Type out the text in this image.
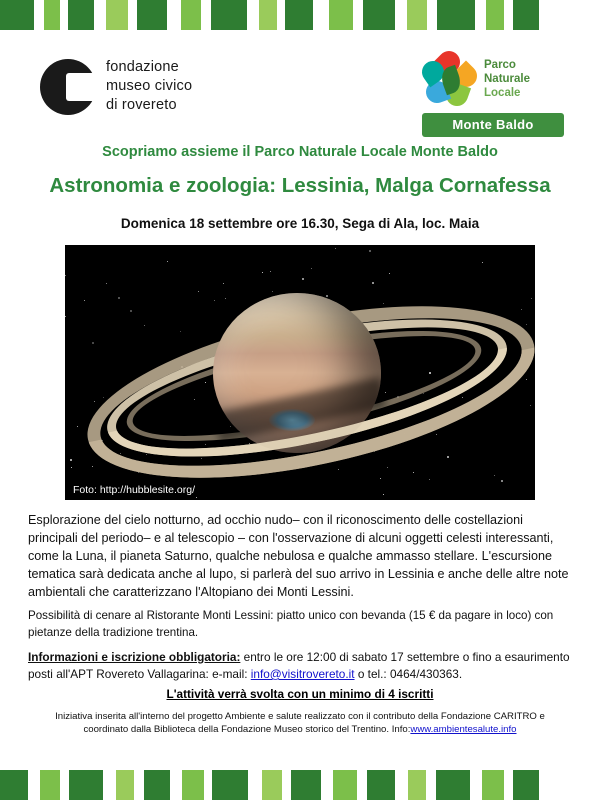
fondazione
museo civico
di rovereto
Parco
Naturale
Locale
Monte Baldo
Scopriamo assieme il Parco Naturale Locale Monte Baldo
Astronomia e zoologia: Lessinia, Malga Cornafessa
Domenica 18 settembre ore 16.30, Sega di Ala, loc. Maia
Foto: http://hubblesite.org/

Esplorazione del cielo notturno, ad occhio nudo– con il riconoscimento delle costellazioni principali del periodo– e al telescopio – con l'osservazione di alcuni oggetti celesti interessanti, come la Luna, il pianeta Saturno, qualche nebulosa e qualche ammasso stellare. L'escursione tematica sarà dedicata anche al lupo, si parlerà del suo arrivo in Lessinia e anche delle altre note ambientali che caratterizzano l'Altopiano dei Monti Lessini.

Possibilità di cenare al Ristorante Monti Lessini: piatto unico con bevanda (15 € da pagare in loco) con pietanze della tradizione trentina.

Informazioni e iscrizione obbligatoria: entro le ore 12:00 di sabato 17 settembre o fino a esaurimento posti all'APT Rovereto Vallagarina: e-mail: info@visitrovereto.it o tel.: 0464/430363.
L'attività verrà svolta con un minimo di 4 iscritti
Iniziativa inserita all'interno del progetto Ambiente e salute realizzato con il contributo della Fondazione CARITRO e coordinato dalla Biblioteca della Fondazione Museo storico del Trentino. Info:www.ambientesalute.info
